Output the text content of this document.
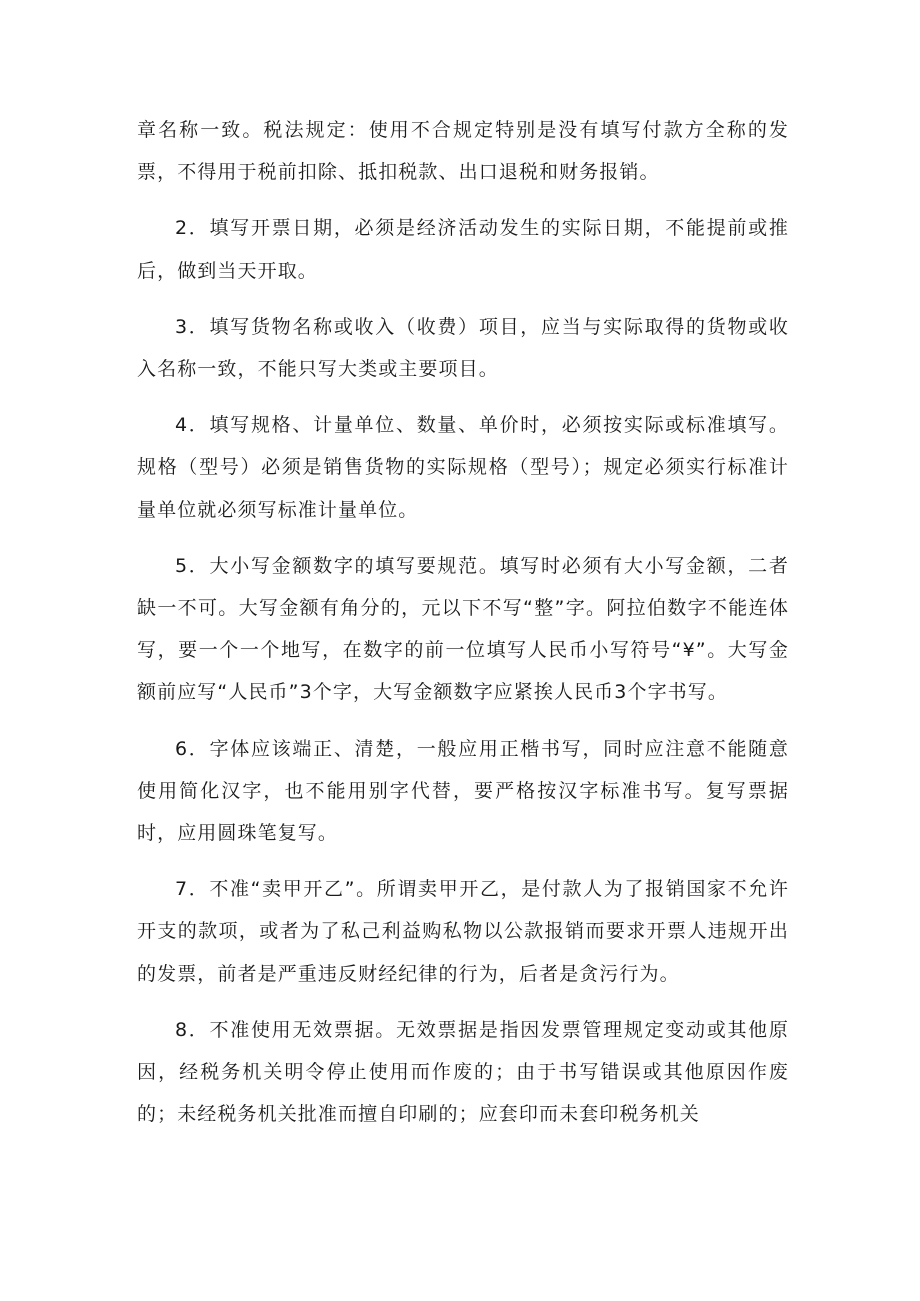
章名称一致。税法规定：使用不合规定特别是没有填写付款方全称的发票，不得用于税前扣除、抵扣税款、出口退税和财务报销。

2．填写开票日期，必须是经济活动发生的实际日期，不能提前或推后，做到当天开取。

3．填写货物名称或收入（收费）项目，应当与实际取得的货物或收入名称一致，不能只写大类或主要项目。

4．填写规格、计量单位、数量、单价时，必须按实际或标准填写。规格（型号）必须是销售货物的实际规格（型号）；规定必须实行标准计量单位就必须写标准计量单位。

5．大小写金额数字的填写要规范。填写时必须有大小写金额，二者缺一不可。大写金额有角分的，元以下不写“整”字。阿拉伯数字不能连体写，要一个一个地写，在数字的前一位填写人民币小写符号“¥”。大写金额前应写“人民币”3个字，大写金额数字应紧挨人民币3个字书写。

6．字体应该端正、清楚，一般应用正楷书写，同时应注意不能随意使用简化汉字，也不能用别字代替，要严格按汉字标准书写。复写票据时，应用圆珠笔复写。

7．不准“卖甲开乙”。所谓卖甲开乙，是付款人为了报销国家不允许开支的款项，或者为了私己利益购私物以公款报销而要求开票人违规开出的发票，前者是严重违反财经纪律的行为，后者是贪污行为。

8．不准使用无效票据。无效票据是指因发票管理规定变动或其他原因，经税务机关明令停止使用而作废的；由于书写错误或其他原因作废的；未经税务机关批准而擅自印刷的；应套印而未套印税务机关
